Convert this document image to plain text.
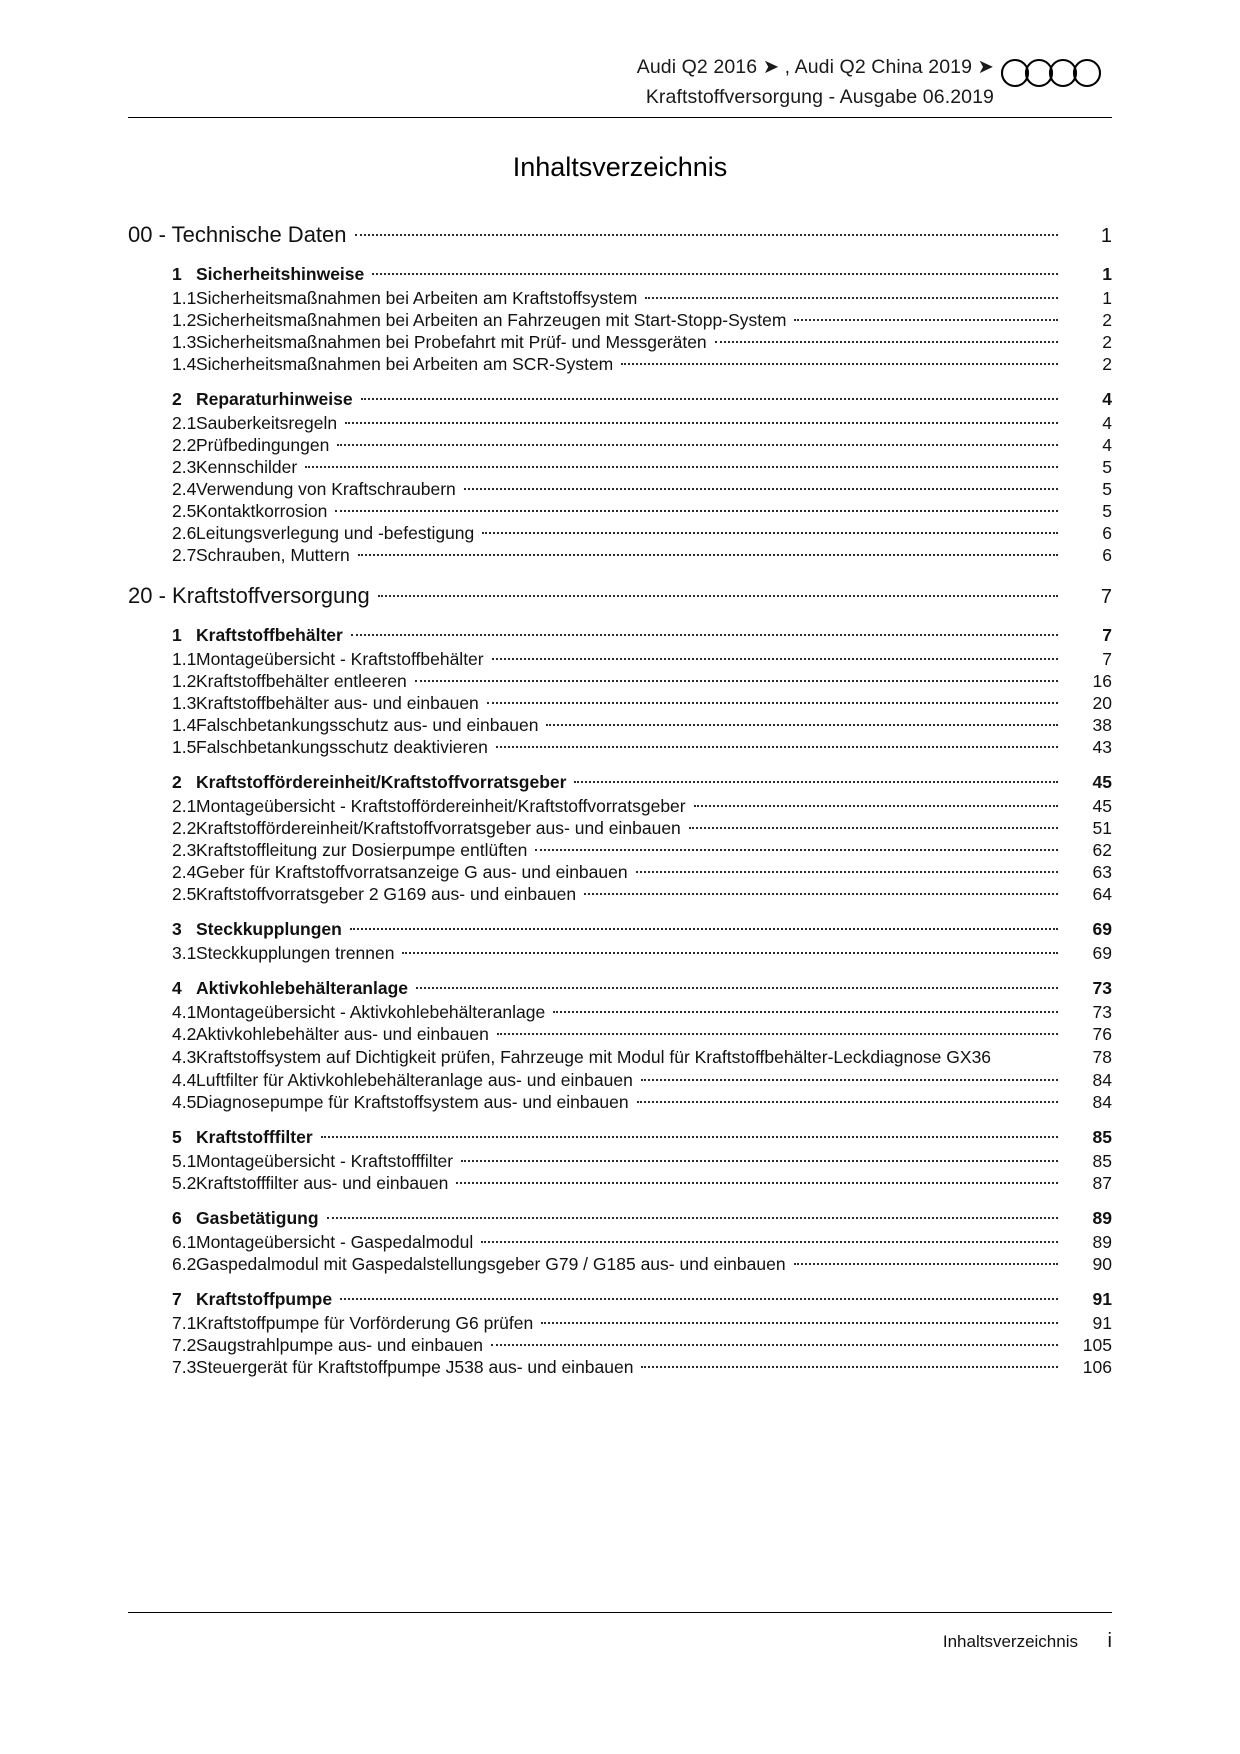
Audi Q2 2016 ➤ , Audi Q2 China 2019 ➤
Kraftstoffversorgung - Ausgabe 06.2019
Inhaltsverzeichnis
00 - Technische Daten	1
1 Sicherheitshinweise	1
1.1 Sicherheitsmaßnahmen bei Arbeiten am Kraftstoffsystem	1
1.2 Sicherheitsmaßnahmen bei Arbeiten an Fahrzeugen mit Start-Stopp-System	2
1.3 Sicherheitsmaßnahmen bei Probefahrt mit Prüf- und Messgeräten	2
1.4 Sicherheitsmaßnahmen bei Arbeiten am SCR-System	2
2 Reparaturhinweise	4
2.1 Sauberkeitsregeln	4
2.2 Prüfbedingungen	4
2.3 Kennschilder	5
2.4 Verwendung von Kraftschraubern	5
2.5 Kontaktkorrosion	5
2.6 Leitungsverlegung und -befestigung	6
2.7 Schrauben, Muttern	6
20 - Kraftstoffversorgung	7
1 Kraftstoffbehälter	7
1.1 Montageübersicht - Kraftstoffbehälter	7
1.2 Kraftstoffbehälter entleeren	16
1.3 Kraftstoffbehälter aus- und einbauen	20
1.4 Falschbetankungsschutz aus- und einbauen	38
1.5 Falschbetankungsschutz deaktivieren	43
2 Kraftstoffördereinheit/Kraftstoffvorratsgeber	45
2.1 Montageübersicht - Kraftstoffördereinheit/Kraftstoffvorratsgeber	45
2.2 Kraftstoffördereinheit/Kraftstoffvorratsgeber aus- und einbauen	51
2.3 Kraftstoffleitung zur Dosierpumpe entlüften	62
2.4 Geber für Kraftstoffvorratsanzeige G aus- und einbauen	63
2.5 Kraftstoffvorratsgeber 2 G169 aus- und einbauen	64
3 Steckkupplungen	69
3.1 Steckkupplungen trennen	69
4 Aktivkohlebehälteranlage	73
4.1 Montageübersicht - Aktivkohlebehälteranlage	73
4.2 Aktivkohlebehälter aus- und einbauen	76
4.3 Kraftstoffsystem auf Dichtigkeit prüfen, Fahrzeuge mit Modul für Kraftstoffbehälter-Leckdiagnose GX36	78
4.4 Luftfilter für Aktivkohlebehälteranlage aus- und einbauen	84
4.5 Diagnosepumpe für Kraftstoffsystem aus- und einbauen	84
5 Kraftstofffilter	85
5.1 Montageübersicht - Kraftstofffilter	85
5.2 Kraftstofffilter aus- und einbauen	87
6 Gasbetätigung	89
6.1 Montageübersicht - Gaspedalmodul	89
6.2 Gaspedalmodul mit Gaspedalstellungsgeber G79 / G185 aus- und einbauen	90
7 Kraftstoffpumpe	91
7.1 Kraftstoffpumpe für Vorförderung G6 prüfen	91
7.2 Saugstrahlpumpe aus- und einbauen	105
7.3 Steuergerät für Kraftstoffpumpe J538 aus- und einbauen	106
Inhaltsverzeichnis	i
